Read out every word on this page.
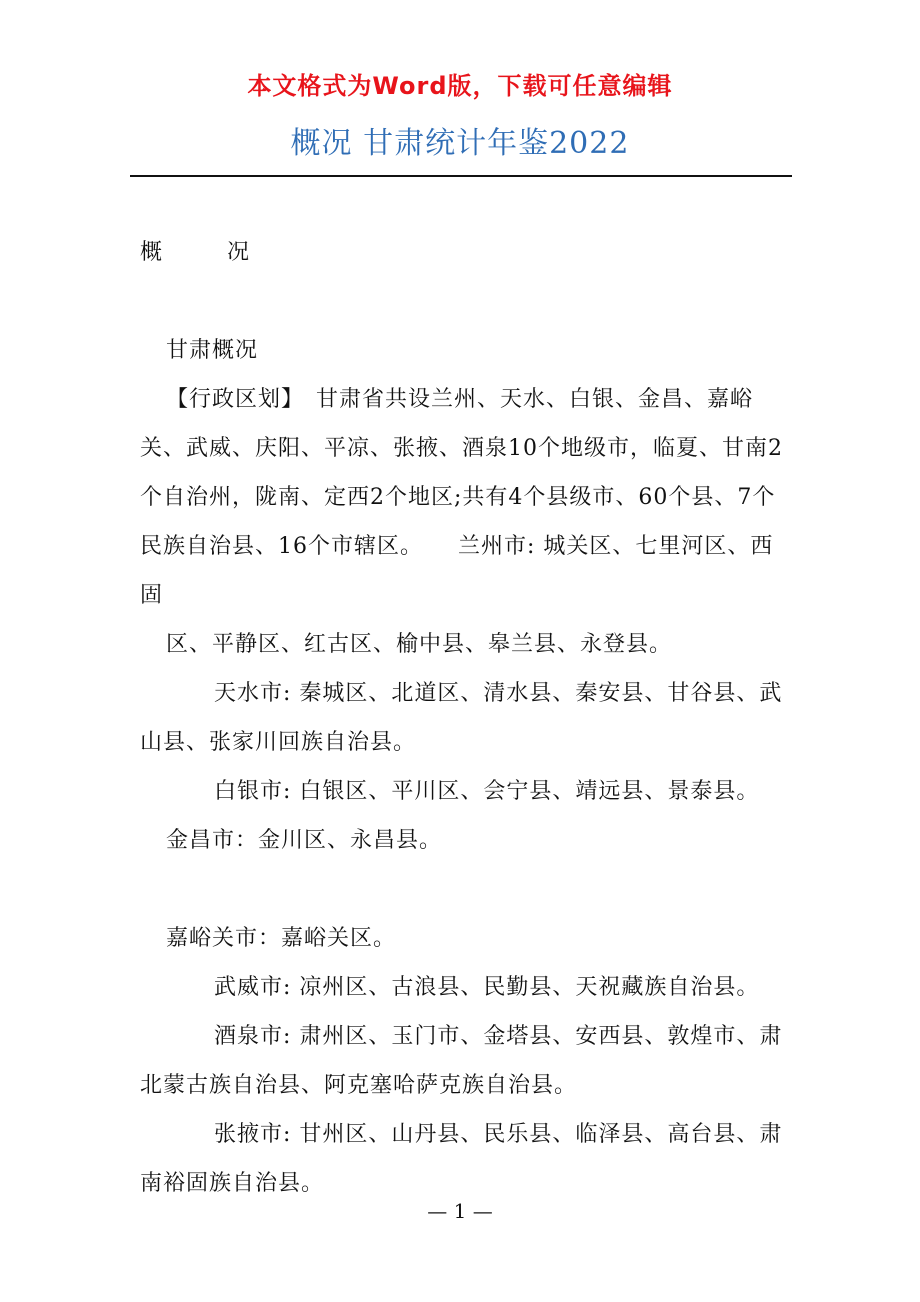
本文格式为Word版，下载可任意编辑
概况 甘肃统计年鉴2022

概	况

甘肃概况

【行政区划】　甘肃省共设兰州、天水、白银、金昌、嘉峪关、武威、庆阳、平凉、张掖、酒泉10个地级市，临夏、甘南2个自治州，陇南、定西2个地区;共有4个县级市、60个县、7个民族自治县、16个市辖区。　　兰州市: 城关区、七里河区、西固

区、平静区、红古区、榆中县、皋兰县、永登县。

天水市: 秦城区、北道区、清水县、秦安县、甘谷县、武山县、张家川回族自治县。

白银市: 白银区、平川区、会宁县、靖远县、景泰县。

金昌市：金川区、永昌县。

嘉峪关市：嘉峪关区。

武威市: 凉州区、古浪县、民勤县、天祝藏族自治县。

酒泉市: 肃州区、玉门市、金塔县、安西县、敦煌市、肃北蒙古族自治县、阿克塞哈萨克族自治县。

张掖市: 甘州区、山丹县、民乐县、临泽县、高台县、肃南裕固族自治县。

— 1 —
